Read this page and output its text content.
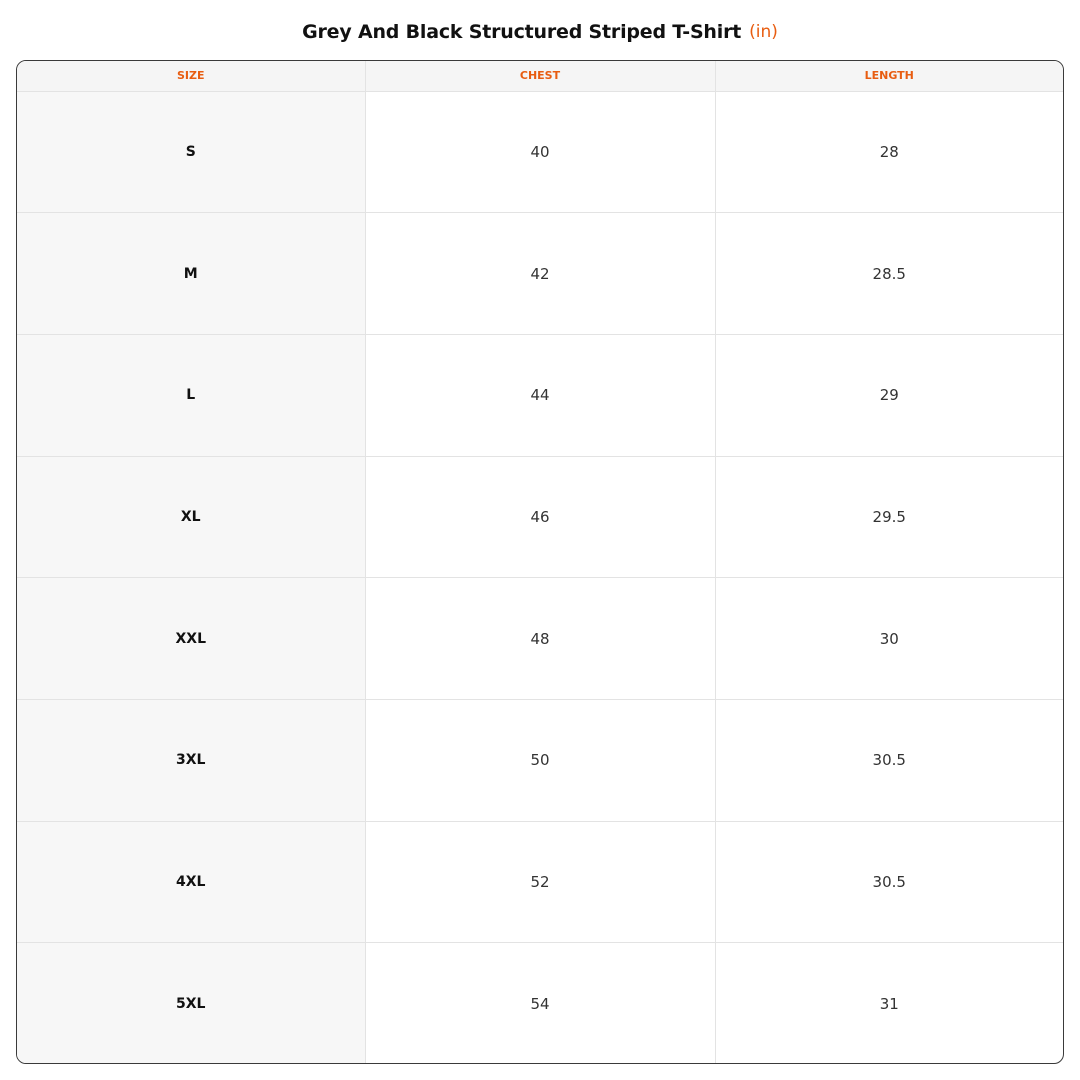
Grey And Black Structured Striped T-Shirt (in)
SIZE	CHEST	LENGTH
S	40	28
M	42	28.5
L	44	29
XL	46	29.5
XXL	48	30
3XL	50	30.5
4XL	52	30.5
5XL	54	31
